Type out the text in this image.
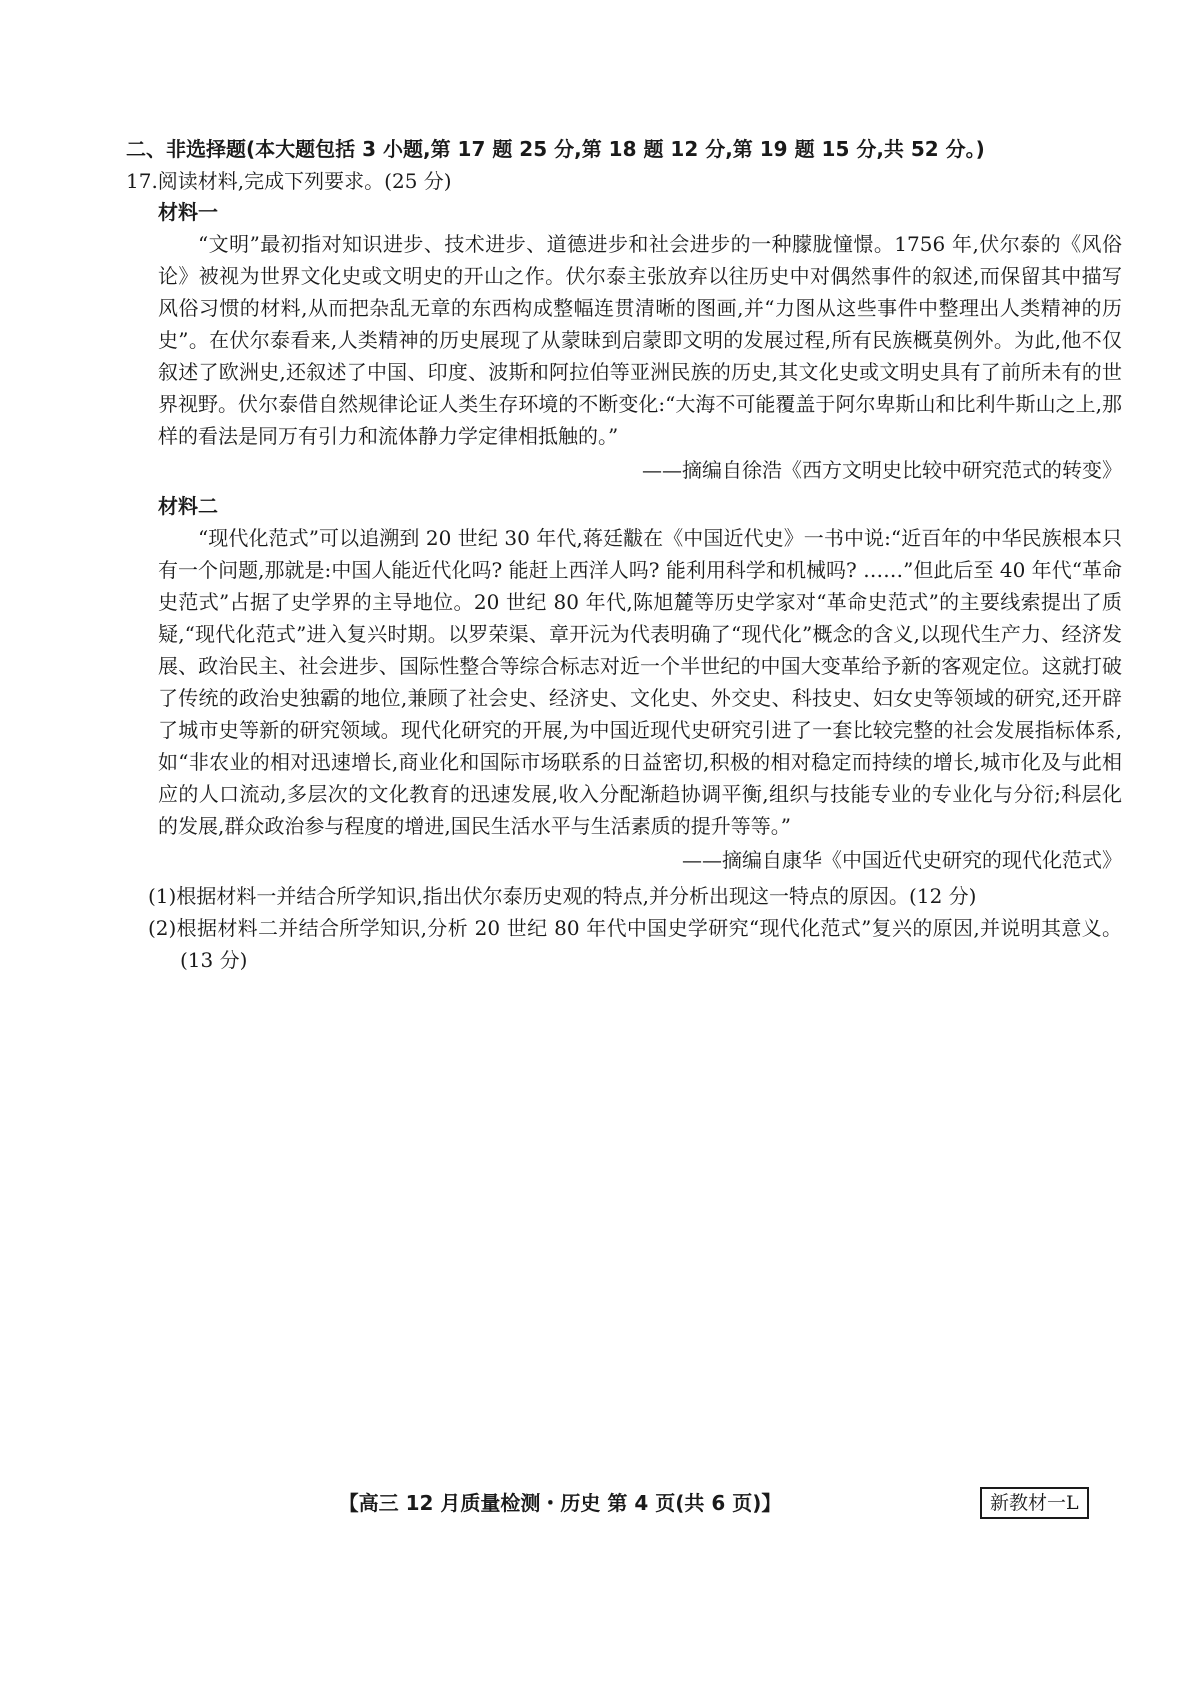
二、非选择题(本大题包括 3 小题,第 17 题 25 分,第 18 题 12 分,第 19 题 15 分,共 52 分。)
17.阅读材料,完成下列要求。(25 分)
材料一
“文明”最初指对知识进步、技术进步、道德进步和社会进步的一种朦胧憧憬。1756 年,伏尔泰的《风俗论》被视为世界文化史或文明史的开山之作。伏尔泰主张放弃以往历史中对偶然事件的叙述,而保留其中描写风俗习惯的材料,从而把杂乱无章的东西构成整幅连贯清晰的图画,并“力图从这些事件中整理出人类精神的历史”。在伏尔泰看来,人类精神的历史展现了从蒙昧到启蒙即文明的发展过程,所有民族概莫例外。为此,他不仅叙述了欧洲史,还叙述了中国、印度、波斯和阿拉伯等亚洲民族的历史,其文化史或文明史具有了前所未有的世界视野。伏尔泰借自然规律论证人类生存环境的不断变化:“大海不可能覆盖于阿尔卑斯山和比利牛斯山之上,那样的看法是同万有引力和流体静力学定律相抵触的。”
——摘编自徐浩《西方文明史比较中研究范式的转变》
材料二
“现代化范式”可以追溯到 20 世纪 30 年代,蒋廷黻在《中国近代史》一书中说:“近百年的中华民族根本只有一个问题,那就是:中国人能近代化吗? 能赶上西洋人吗? 能利用科学和机械吗? ……”但此后至 40 年代“革命史范式”占据了史学界的主导地位。20 世纪 80 年代,陈旭麓等历史学家对“革命史范式”的主要线索提出了质疑,“现代化范式”进入复兴时期。以罗荣渠、章开沅为代表明确了“现代化”概念的含义,以现代生产力、经济发展、政治民主、社会进步、国际性整合等综合标志对近一个半世纪的中国大变革给予新的客观定位。这就打破了传统的政治史独霸的地位,兼顾了社会史、经济史、文化史、外交史、科技史、妇女史等领域的研究,还开辟了城市史等新的研究领域。现代化研究的开展,为中国近现代史研究引进了一套比较完整的社会发展指标体系,如“非农业的相对迅速增长,商业化和国际市场联系的日益密切,积极的相对稳定而持续的增长,城市化及与此相应的人口流动,多层次的文化教育的迅速发展,收入分配渐趋协调平衡,组织与技能专业的专业化与分衍;科层化的发展,群众政治参与程度的增进,国民生活水平与生活素质的提升等等。”
——摘编自康华《中国近代史研究的现代化范式》
(1)根据材料一并结合所学知识,指出伏尔泰历史观的特点,并分析出现这一特点的原因。(12 分)
(2)根据材料二并结合所学知识,分析 20 世纪 80 年代中国史学研究“现代化范式”复兴的原因,并说明其意义。(13 分)
【高三 12 月质量检测・历史 第 4 页(共 6 页)】	新教材一L
